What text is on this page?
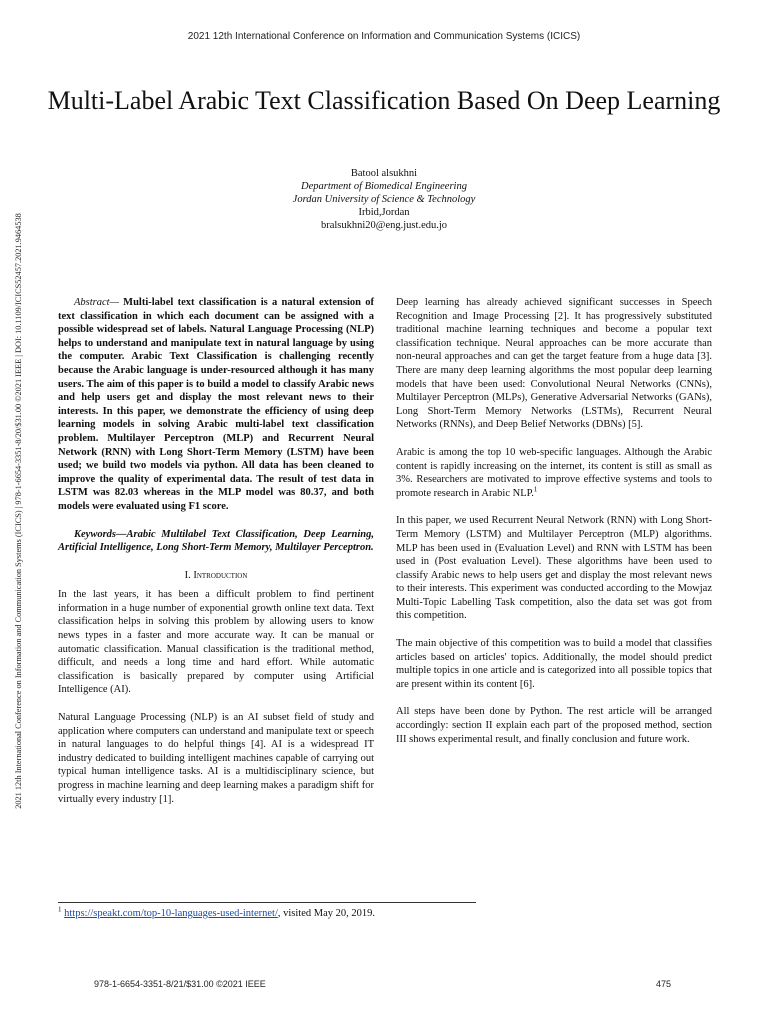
2021 12th International Conference on Information and Communication Systems (ICICS)
Multi-Label Arabic Text Classification Based On Deep Learning
Batool alsukhni
Department of Biomedical Engineering
Jordan University of Science & Technology
Irbid,Jordan
bralsukhni20@eng.just.edu.jo
2021 12th International Conference on Information and Communication Systems (ICICS) | 978-1-6654-3351-8/20/$31.00 ©2021 IEEE | DOI: 10.1109/ICICS52457.2021.9464538	Abstract— Multi-label text classification is a natural extension of text classification in which each document can be assigned with a possible widespread set of labels. Natural Language Processing (NLP) helps to understand and manipulate text in natural language by using the computer. Arabic Text Classification is challenging recently because the Arabic language is under-resourced although it has many users. The aim of this paper is to build a model to classify Arabic news and help users get and display the most relevant news to their interests. In this paper, we demonstrate the efficiency of using deep learning models in solving Arabic multi-label text classification problem. Multilayer Perceptron (MLP) and Recurrent Neural Network (RNN) with Long Short-Term Memory (LSTM) have been used; we build two models via python. All data has been cleaned to improve the quality of experimental data. The result of test data in LSTM was 82.03 whereas in the MLP model was 80.37, and both models were evaluated using F1 score.

Keywords—Arabic Multilabel Text Classification, Deep Learning, Artificial Intelligence, Long Short-Term Memory, Multilayer Perceptron.

I. Introduction

In the last years, it has been a difficult problem to find pertinent information in a huge number of exponential growth online text data. Text classification helps in solving this problem by allowing users to know news types in a faster and more accurate way. It can be manual or automatic classification. Manual classification is the traditional method, difficult, and needs a long time and hard effort. While automatic classification is basically prepared by computer using Artificial Intelligence (AI).

Natural Language Processing (NLP) is an AI subset field of study and application where computers can understand and manipulate text or speech in natural languages to do helpful things [4]. AI is a widespread IT industry dedicated to building intelligent machines capable of carrying out typical human intelligence tasks. AI is a multidisciplinary science, but progress in machine learning and deep learning makes a paradigm shift for virtually every industry [1].

Deep learning has already achieved significant successes in Speech Recognition and Image Processing [2]. It has progressively substituted traditional machine learning techniques and become a popular text classification technique. Neural approaches can be more accurate than non-neural approaches and can get the target feature from a huge data [3]. There are many deep learning algorithms the most popular deep learning models that have been used: Convolutional Neural Networks (CNNs), Multilayer Perceptron (MLPs), Generative Adversarial Networks (GANs), Long Short-Term Memory Networks (LSTMs), Recurrent Neural Networks (RNNs), and Deep Belief Networks (DBNs) [5].

Arabic is among the top 10 web-specific languages. Although the Arabic content is rapidly increasing on the internet, its content is still as small as 3%. Researchers are motivated to improve effective systems and tools to promote research in Arabic NLP.$^1$

In this paper, we used Recurrent Neural Network (RNN) with Long Short-Term Memory (LSTM) and Multilayer Perceptron (MLP) algorithms. MLP has been used in (Evaluation Level) and RNN with LSTM has been used in (Post evaluation Level). These algorithms have been used to classify Arabic news to help users get and display the most relevant news to their interests. This experiment was conducted according to the Mowjaz Multi-Topic Labelling Task competition, also the data set was got from this competition.

The main objective of this competition was to build a model that classifies articles based on articles' topics. Additionally, the model should predict multiple topics in one article and is categorized into all possible topics that are present within its content [6].

All steps have been done by Python. The rest article will be arranged accordingly: section II explain each part of the proposed method, section III shows experimental result, and finally conclusion and future work.

$^1$ https://speakt.com/top-10-languages-used-internet/, visited May 20, 2019.
978-1-6654-3351-8/21/$31.00 ©2021 IEEE	475
